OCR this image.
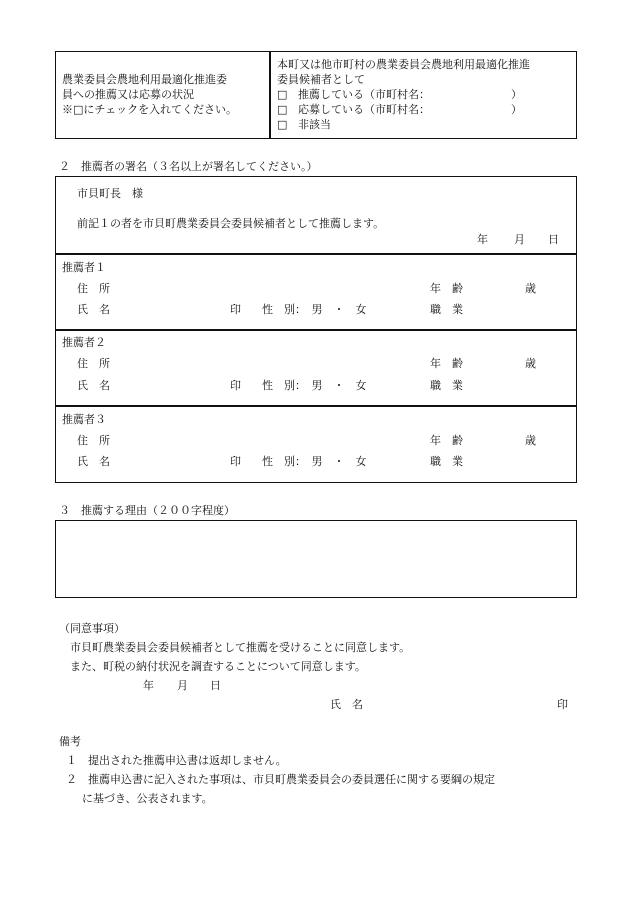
農業委員会農地利用最適化推進委
員への推薦又は応募の状況
※□にチェックを入れてください。
本町又は他市町村の農業委員会農地利用最適化推進
委員候補者として
□ 推薦している（市町村名：	）
□ 応募している（市町村名：	）
□ 非該当
２　推薦者の署名（３名以上が署名してください。）
市貝町長　様
前記１の者を市貝町農業委員会委員候補者として推薦します。
年 月 日
推薦者１
住　所	年　齢	歳
氏　名	印 性　別：　男　・　女	職　業
推薦者２
住　所	年　齢	歳
氏　名	印 性　別：　男　・　女	職　業
推薦者３
住　所	年　齢	歳
氏　名	印 性　別：　男　・　女	職　業
３　推薦する理由（２００字程度）
（同意事項）
市貝町農業委員会委員候補者として推薦を受けることに同意します。
また、町税の納付状況を調査することについて同意します。
年 月 日
氏　名	印
備考
１　提出された推薦申込書は返却しません。
２　推薦申込書に記入された事項は、市貝町農業委員会の委員選任に関する要綱の規定
に基づき、公表されます。
